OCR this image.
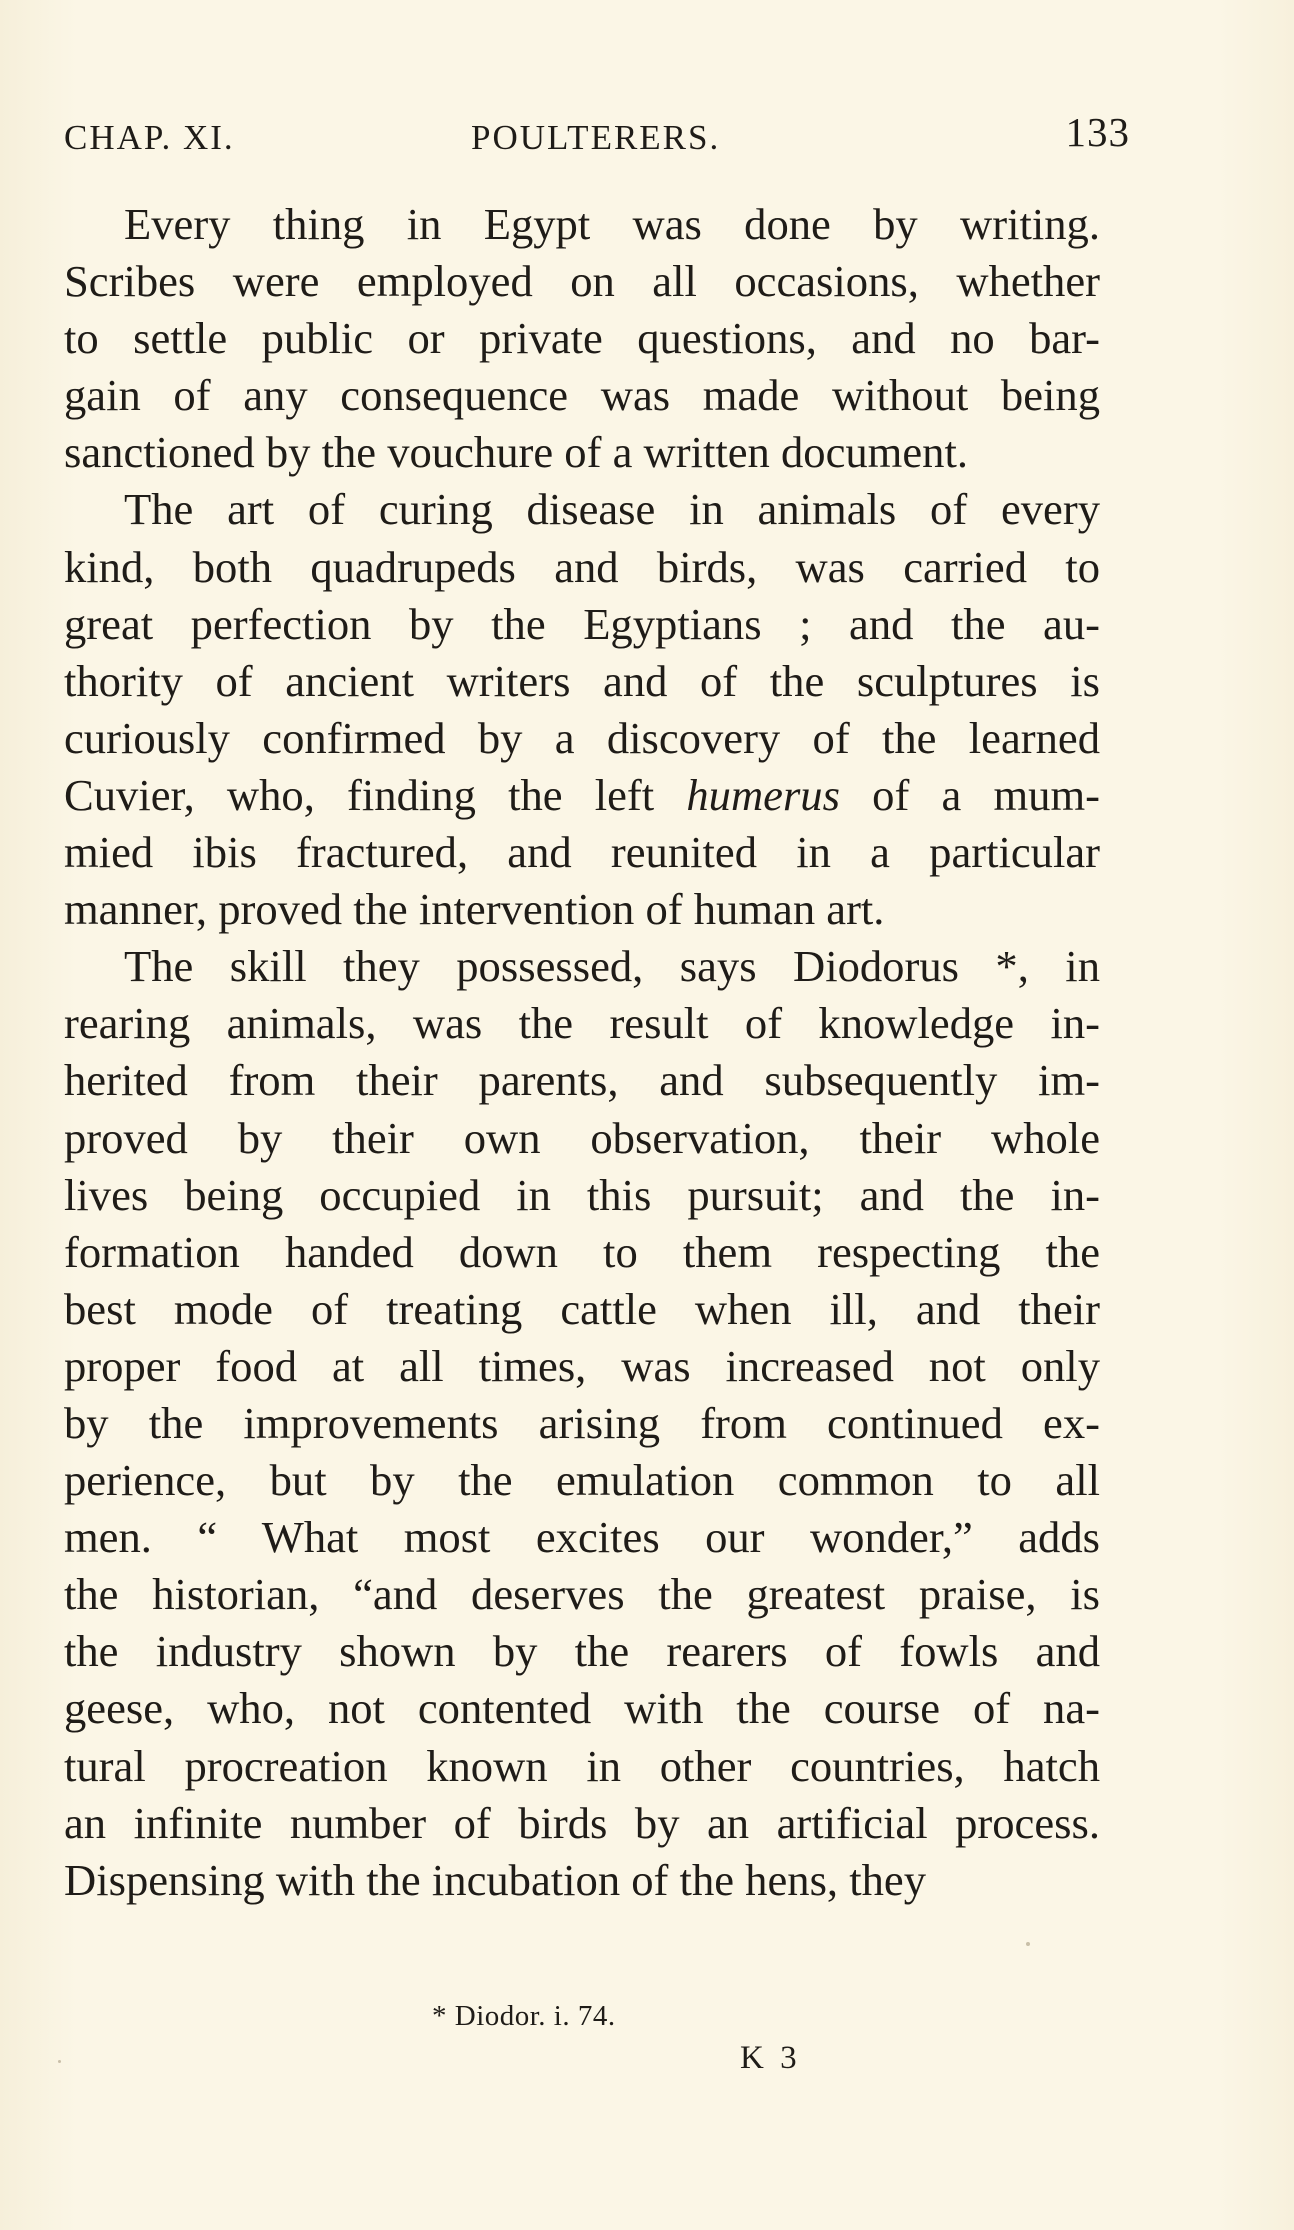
CHAP. XI.	POULTERERS.	133
Every thing in Egypt was done by writing.
Scribes were employed on all occasions, whether
to settle public or private questions, and no bar-
gain of any consequence was made without being
sanctioned by the vouchure of a written document.
The art of curing disease in animals of every
kind, both quadrupeds and birds, was carried to
great perfection by the Egyptians ; and the au-
thority of ancient writers and of the sculptures is
curiously confirmed by a discovery of the learned
Cuvier, who, finding the left humerus of a mum-
mied ibis fractured, and reunited in a particular
manner, proved the intervention of human art.
The skill they possessed, says Diodorus *, in
rearing animals, was the result of knowledge in-
herited from their parents, and subsequently im-
proved by their own observation, their whole
lives being occupied in this pursuit; and the in-
formation handed down to them respecting the
best mode of treating cattle when ill, and their
proper food at all times, was increased not only
by the improvements arising from continued ex-
perience, but by the emulation common to all
men. “ What most excites our wonder,” adds
the historian, “and deserves the greatest praise, is
the industry shown by the rearers of fowls and
geese, who, not contented with the course of na-
tural procreation known in other countries, hatch
an infinite number of birds by an artificial process.
Dispensing with the incubation of the hens, they
* Diodor. i. 74.
K 3
